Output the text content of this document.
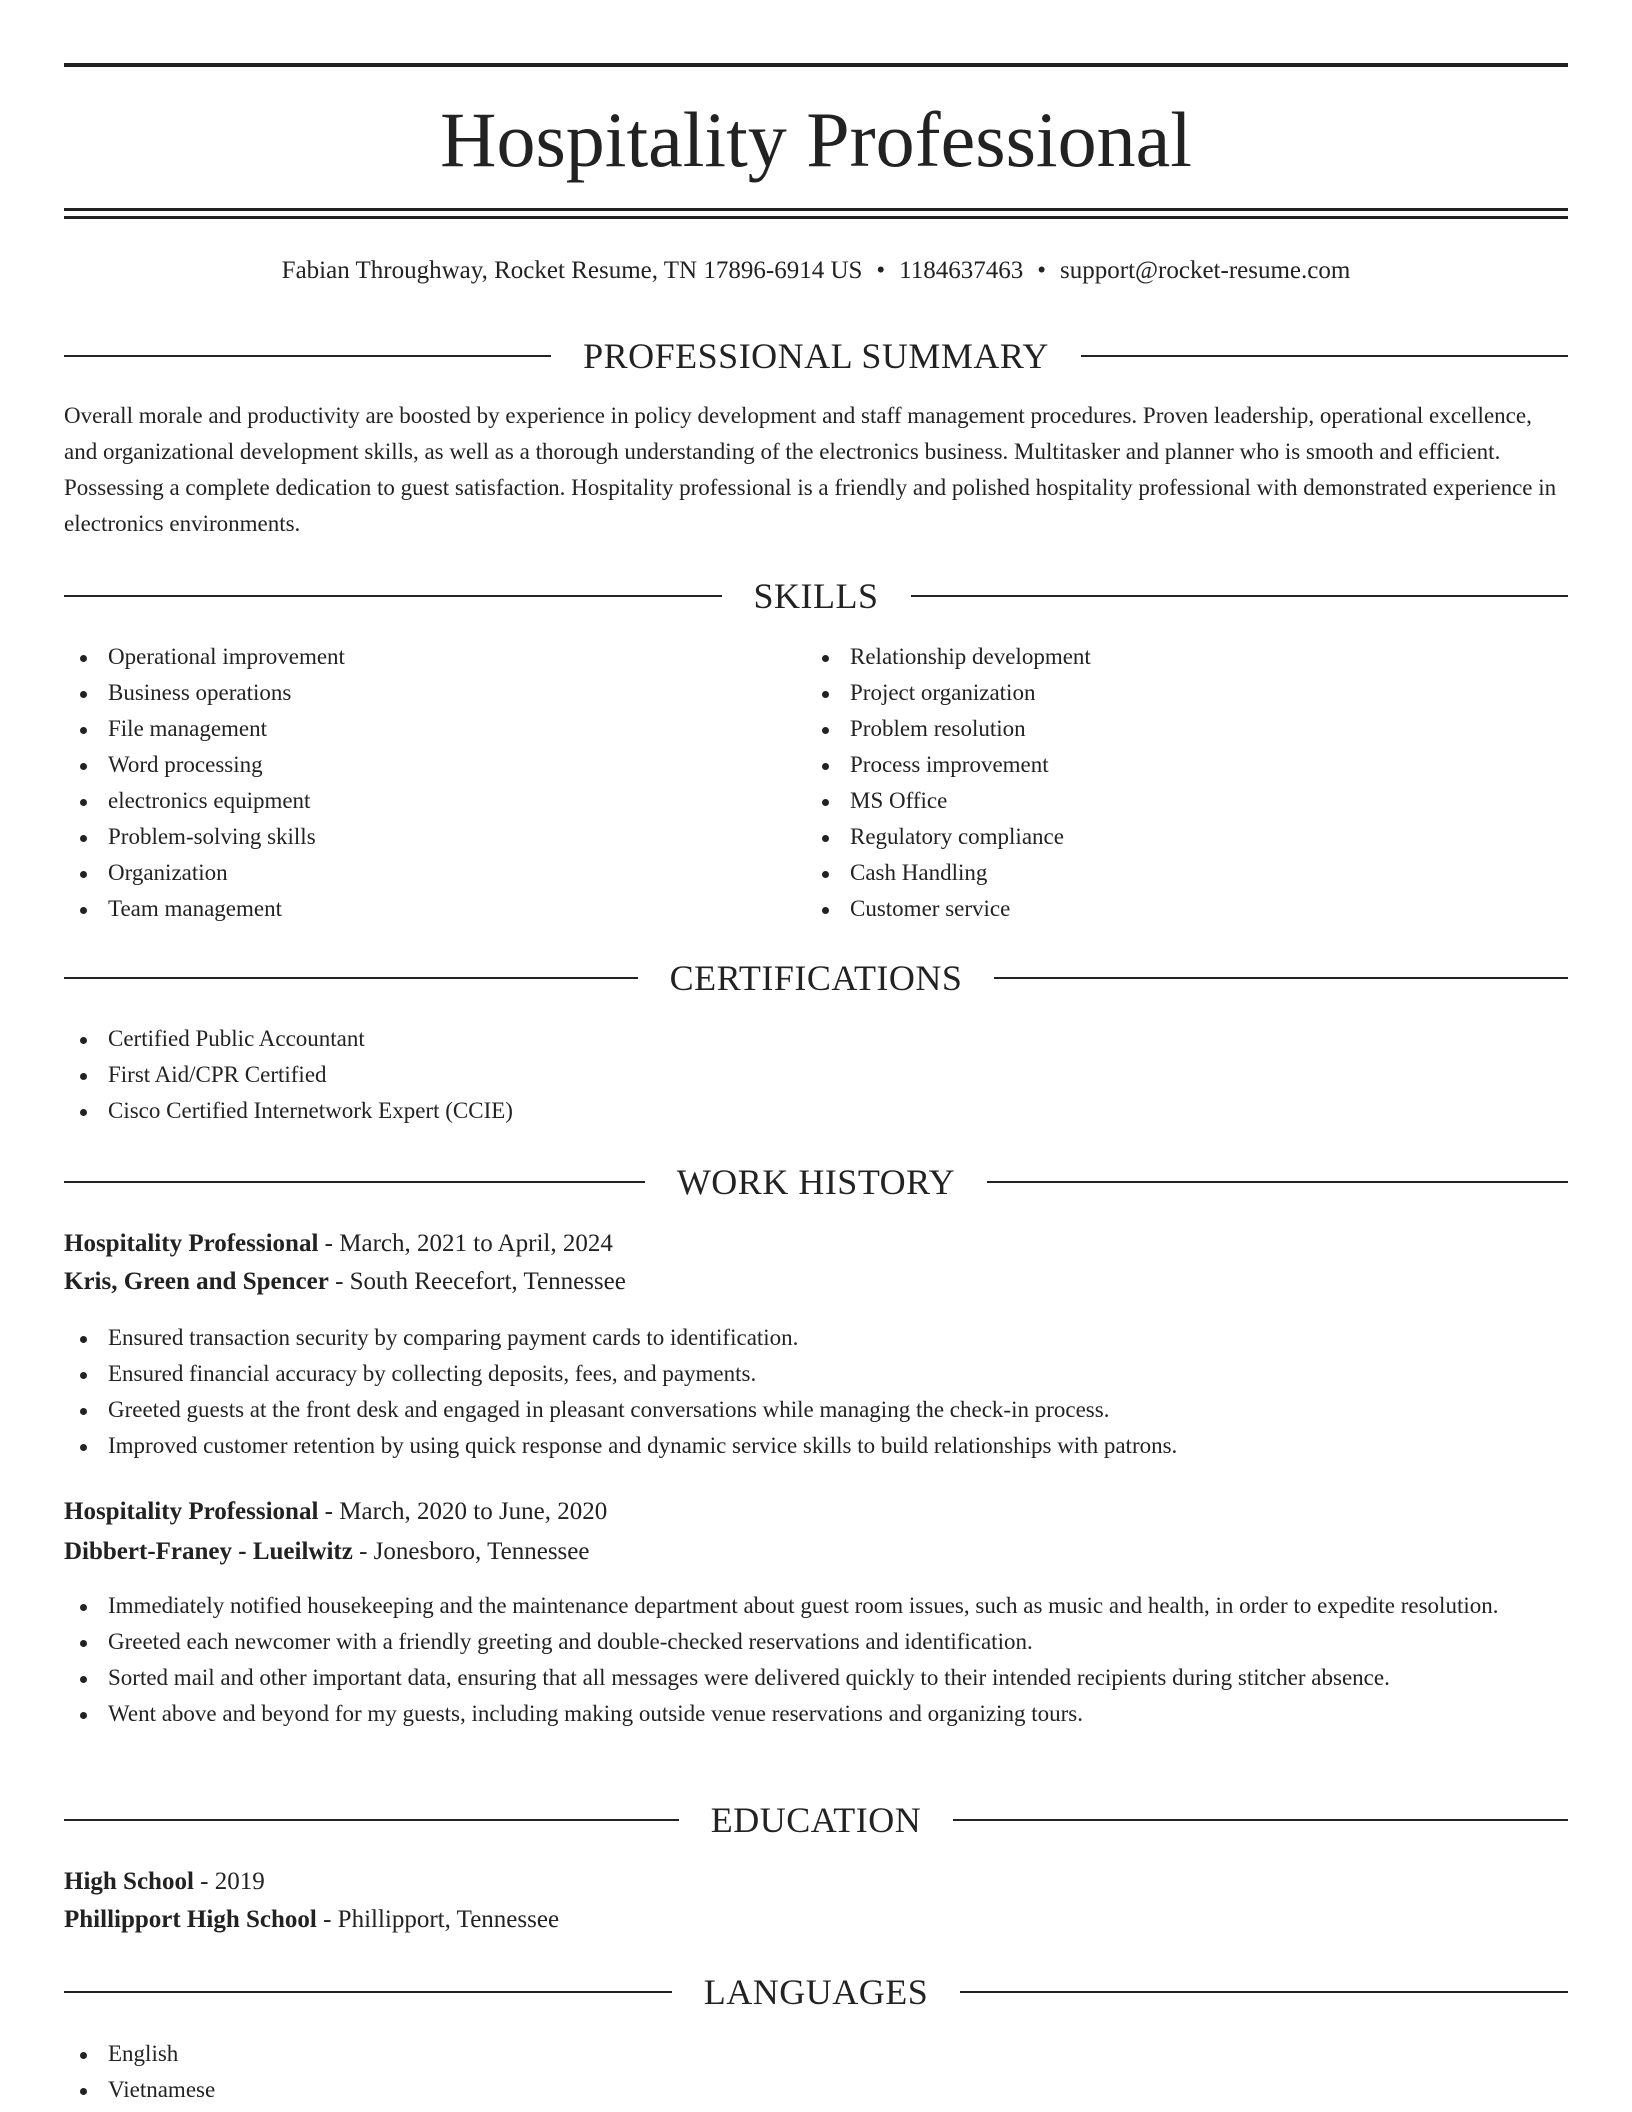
Hospitality Professional
Fabian Throughway, Rocket Resume, TN 17896-6914 US • 1184637463 • support@rocket-resume.com
PROFESSIONAL SUMMARY
Overall morale and productivity are boosted by experience in policy development and staff management procedures. Proven leadership, operational excellence, and organizational development skills, as well as a thorough understanding of the electronics business. Multitasker and planner who is smooth and efficient. Possessing a complete dedication to guest satisfaction. Hospitality professional is a friendly and polished hospitality professional with demonstrated experience in electronics environments.
SKILLS
Operational improvement
Business operations
File management
Word processing
electronics equipment
Problem-solving skills
Organization
Team management
Relationship development
Project organization
Problem resolution
Process improvement
MS Office
Regulatory compliance
Cash Handling
Customer service
CERTIFICATIONS
Certified Public Accountant
First Aid/CPR Certified
Cisco Certified Internetwork Expert (CCIE)
WORK HISTORY
Hospitality Professional - March, 2021 to April, 2024
Kris, Green and Spencer - South Reecefort, Tennessee
Ensured transaction security by comparing payment cards to identification.
Ensured financial accuracy by collecting deposits, fees, and payments.
Greeted guests at the front desk and engaged in pleasant conversations while managing the check-in process.
Improved customer retention by using quick response and dynamic service skills to build relationships with patrons.
Hospitality Professional - March, 2020 to June, 2020
Dibbert-Franey - Lueilwitz - Jonesboro, Tennessee
Immediately notified housekeeping and the maintenance department about guest room issues, such as music and health, in order to expedite resolution.
Greeted each newcomer with a friendly greeting and double-checked reservations and identification.
Sorted mail and other important data, ensuring that all messages were delivered quickly to their intended recipients during stitcher absence.
Went above and beyond for my guests, including making outside venue reservations and organizing tours.
EDUCATION
High School - 2019
Phillipport High School - Phillipport, Tennessee
LANGUAGES
English
Vietnamese
